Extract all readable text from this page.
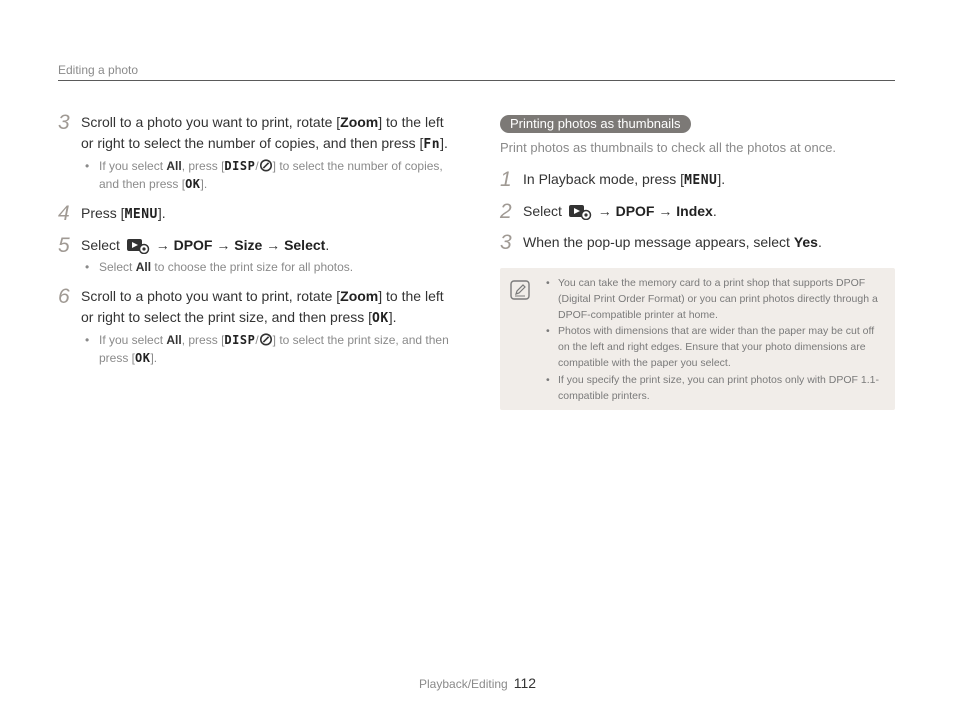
Editing a photo
3 Scroll to a photo you want to print, rotate [Zoom] to the left or right to select the number of copies, and then press [Fn].
• If you select All, press [DISP/ ] to select the number of copies, and then press [OK].
4 Press [MENU].
5 Select  → DPOF → Size → Select.
• Select All to choose the print size for all photos.
6 Scroll to a photo you want to print, rotate [Zoom] to the left or right to select the print size, and then press [OK].
• If you select All, press [DISP/ ] to select the print size, and then press [OK].
Printing photos as thumbnails
Print photos as thumbnails to check all the photos at once.
1 In Playback mode, press [MENU].
2 Select  → DPOF → Index.
3 When the pop-up message appears, select Yes.
• You can take the memory card to a print shop that supports DPOF (Digital Print Order Format) or you can print photos directly through a DPOF-compatible printer at home.
• Photos with dimensions that are wider than the paper may be cut off on the left and right edges. Ensure that your photo dimensions are compatible with the paper you select.
• If you specify the print size, you can print photos only with DPOF 1.1-compatible printers.
Playback/Editing 112
